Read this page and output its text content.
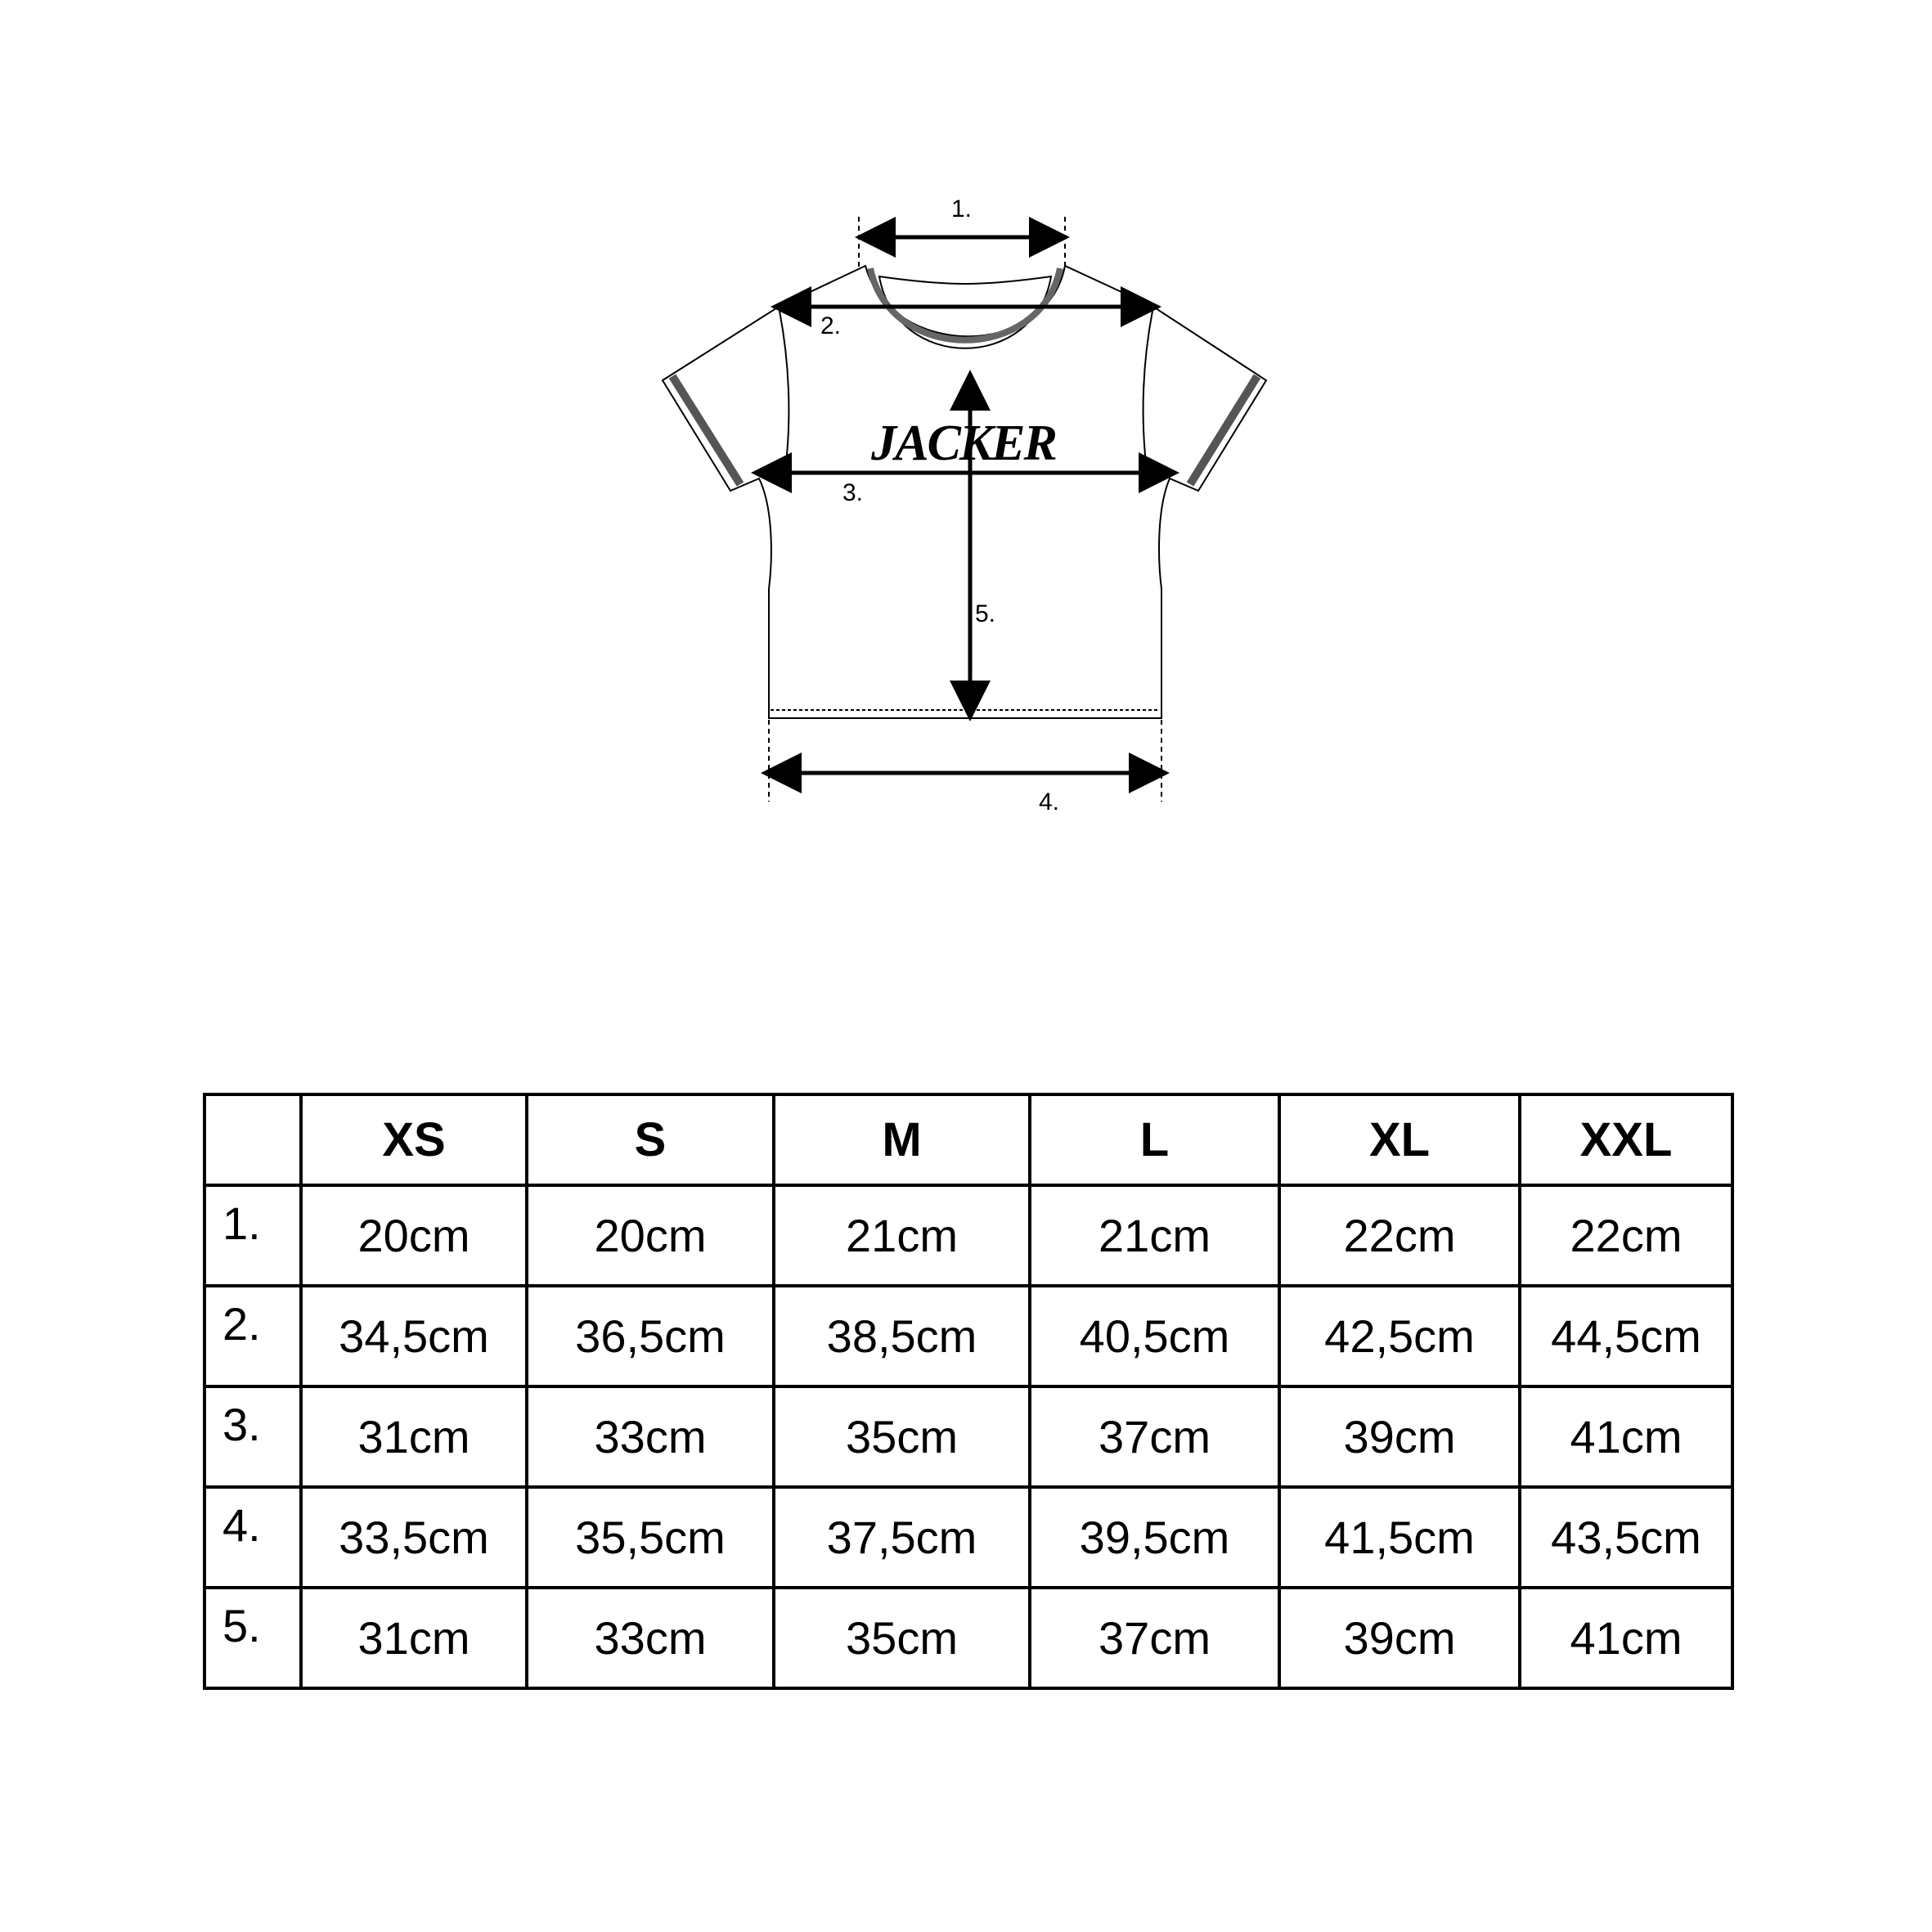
JACKER
1.
2.
3.
4.
5.
	XS	S	M	L	XL	XXL
1.	20cm	20cm	21cm	21cm	22cm	22cm
2.	34,5cm	36,5cm	38,5cm	40,5cm	42,5cm	44,5cm
3.	31cm	33cm	35cm	37cm	39cm	41cm
4.	33,5cm	35,5cm	37,5cm	39,5cm	41,5cm	43,5cm
5.	31cm	33cm	35cm	37cm	39cm	41cm
